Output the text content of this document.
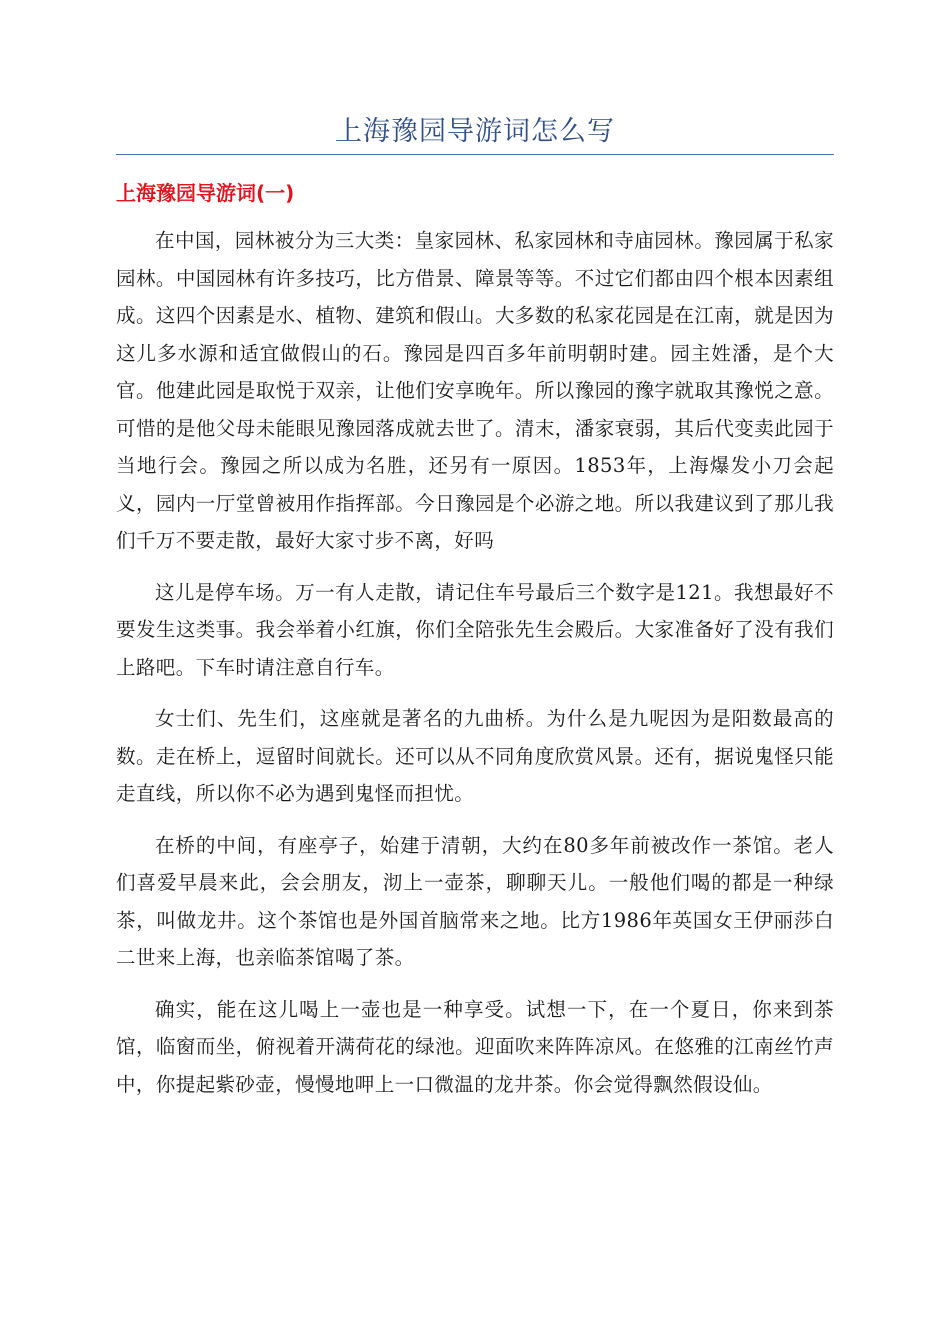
上海豫园导游词怎么写
上海豫园导游词(一)

在中国，园林被分为三大类：皇家园林、私家园林和寺庙园林。豫园属于私家园林。中国园林有许多技巧，比方借景、障景等等。不过它们都由四个根本因素组成。这四个因素是水、植物、建筑和假山。大多数的私家花园是在江南，就是因为这儿多水源和适宜做假山的石。豫园是四百多年前明朝时建。园主姓潘，是个大官。他建此园是取悦于双亲，让他们安享晚年。所以豫园的豫字就取其豫悦之意。可惜的是他父母未能眼见豫园落成就去世了。清末，潘家衰弱，其后代变卖此园于当地行会。豫园之所以成为名胜，还另有一原因。1853年，上海爆发小刀会起义，园内一厅堂曾被用作指挥部。今日豫园是个必游之地。所以我建议到了那儿我们千万不要走散，最好大家寸步不离，好吗

这儿是停车场。万一有人走散，请记住车号最后三个数字是121。我想最好不要发生这类事。我会举着小红旗，你们全陪张先生会殿后。大家准备好了没有我们上路吧。下车时请注意自行车。

女士们、先生们，这座就是著名的九曲桥。为什么是九呢因为是阳数最高的数。走在桥上，逗留时间就长。还可以从不同角度欣赏风景。还有，据说鬼怪只能走直线，所以你不必为遇到鬼怪而担忧。

在桥的中间，有座亭子，始建于清朝，大约在80多年前被改作一茶馆。老人们喜爱早晨来此，会会朋友，沏上一壶茶，聊聊天儿。一般他们喝的都是一种绿茶，叫做龙井。这个茶馆也是外国首脑常来之地。比方1986年英国女王伊丽莎白二世来上海，也亲临茶馆喝了茶。

确实，能在这儿喝上一壶也是一种享受。试想一下，在一个夏日，你来到茶馆，临窗而坐，俯视着开满荷花的绿池。迎面吹来阵阵凉风。在悠雅的江南丝竹声中，你提起紫砂壶，慢慢地呷上一口微温的龙井茶。你会觉得飘然假设仙。
